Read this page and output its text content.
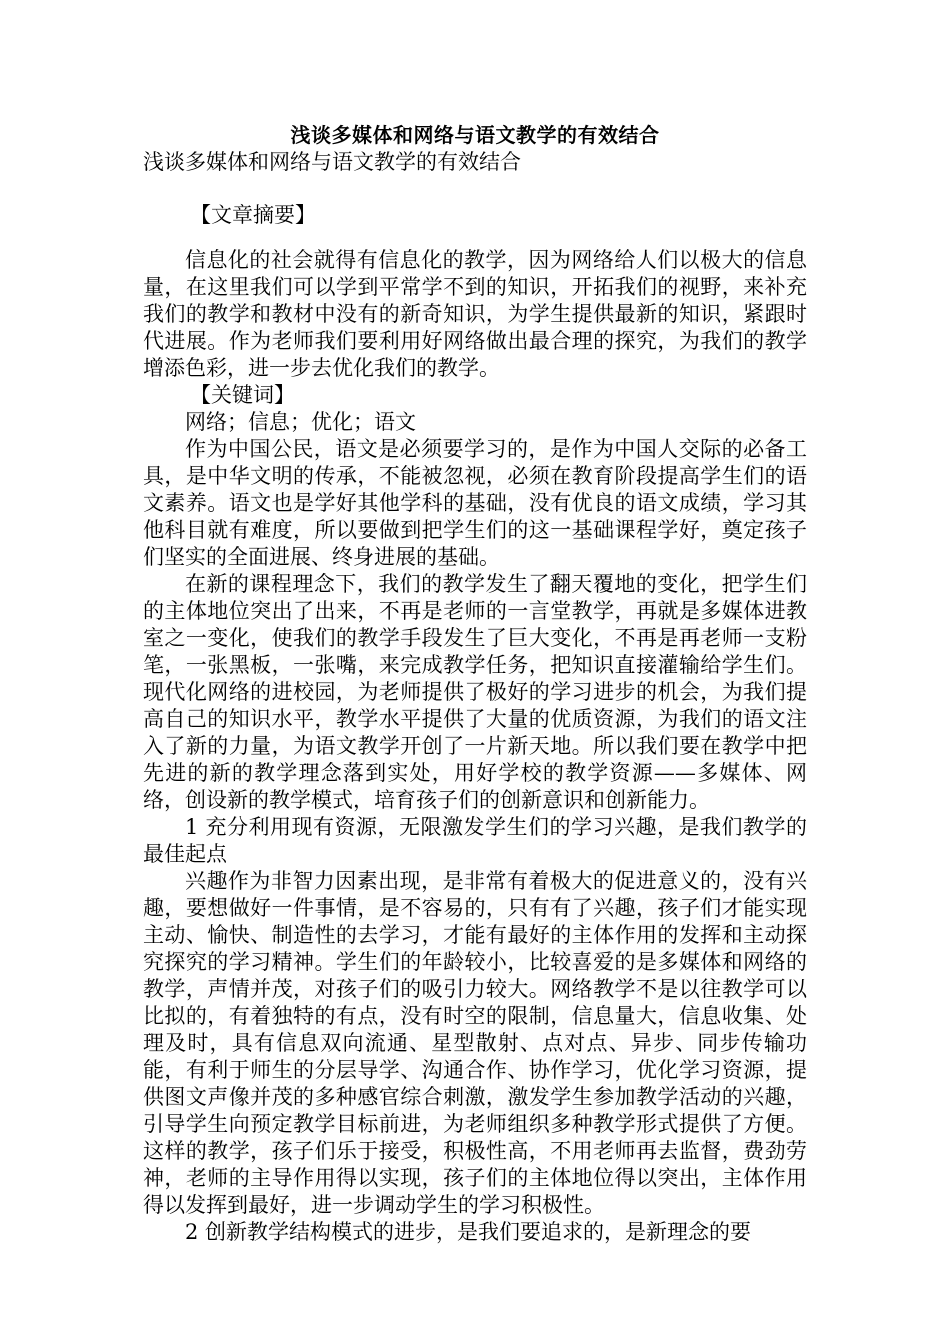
浅谈多媒体和网络与语文教学的有效结合
浅谈多媒体和网络与语文教学的有效结合
【文章摘要】

信息化的社会就得有信息化的教学，因为网络给人们以极大的信息量，在这里我们可以学到平常学不到的知识，开拓我们的视野，来补充我们的教学和教材中没有的新奇知识，为学生提供最新的知识，紧跟时代进展。作为老师我们要利用好网络做出最合理的探究，为我们的教学增添色彩，进一步去优化我们的教学。

【关键词】

网络；信息；优化；语文

作为中国公民，语文是必须要学习的，是作为中国人交际的必备工具，是中华文明的传承，不能被忽视，必须在教育阶段提高学生们的语文素养。语文也是学好其他学科的基础，没有优良的语文成绩，学习其他科目就有难度，所以要做到把学生们的这一基础课程学好，奠定孩子们坚实的全面进展、终身进展的基础。

在新的课程理念下，我们的教学发生了翻天覆地的变化，把学生们的主体地位突出了出来，不再是老师的一言堂教学，再就是多媒体进教室之一变化，使我们的教学手段发生了巨大变化，不再是再老师一支粉笔，一张黑板，一张嘴，来完成教学任务，把知识直接灌输给学生们。现代化网络的进校园，为老师提供了极好的学习进步的机会，为我们提高自己的知识水平，教学水平提供了大量的优质资源，为我们的语文注入了新的力量，为语文教学开创了一片新天地。所以我们要在教学中把先进的新的教学理念落到实处，用好学校的教学资源——多媒体、网络，创设新的教学模式，培育孩子们的创新意识和创新能力。

1 充分利用现有资源，无限激发学生们的学习兴趣，是我们教学的最佳起点

兴趣作为非智力因素出现，是非常有着极大的促进意义的，没有兴趣，要想做好一件事情，是不容易的，只有有了兴趣，孩子们才能实现主动、愉快、制造性的去学习，才能有最好的主体作用的发挥和主动探究探究的学习精神。学生们的年龄较小，比较喜爱的是多媒体和网络的教学，声情并茂，对孩子们的吸引力较大。网络教学不是以往教学可以比拟的，有着独特的有点，没有时空的限制，信息量大，信息收集、处理及时，具有信息双向流通、星型散射、点对点、异步、同步传输功能，有利于师生的分层导学、沟通合作、协作学习，优化学习资源，提供图文声像并茂的多种感官综合刺激，激发学生参加教学活动的兴趣，引导学生向预定教学目标前进，为老师组织多种教学形式提供了方便。这样的教学，孩子们乐于接受，积极性高，不用老师再去监督，费劲劳神，老师的主导作用得以实现，孩子们的主体地位得以突出，主体作用得以发挥到最好，进一步调动学生的学习积极性。

2 创新教学结构模式的进步，是我们要追求的，是新理念的要
